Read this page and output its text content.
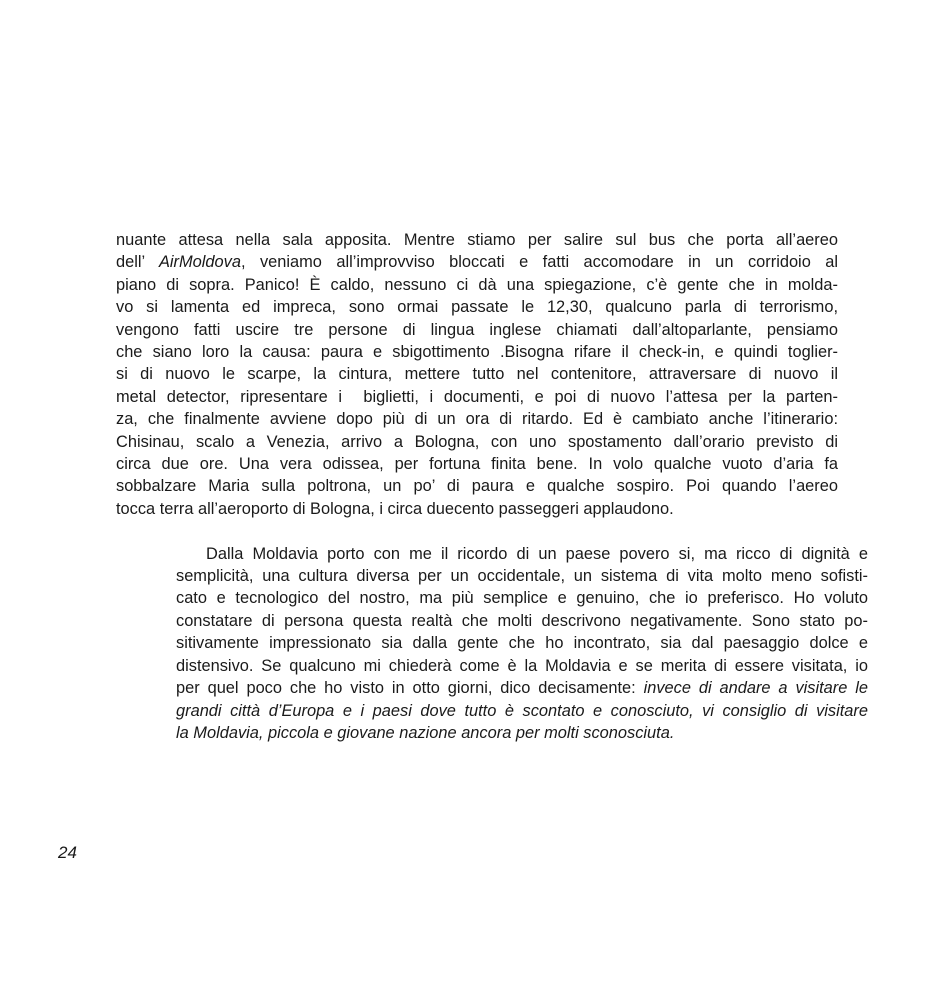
nuante attesa nella sala apposita. Mentre stiamo per salire sul bus che porta all’aereo
dell’ AirMoldova, veniamo all’improvviso bloccati e fatti accomodare in un corridoio al
piano di sopra. Panico! È caldo, nessuno ci dà una spiegazione, c’è gente che in molda-
vo si lamenta ed impreca, sono ormai passate le 12,30, qualcuno parla di terrorismo,
vengono fatti uscire tre persone di lingua inglese chiamati dall’altoparlante, pensiamo
che siano loro la causa: paura e sbigottimento .Bisogna rifare il check-in, e quindi toglier-
si di nuovo le scarpe, la cintura, mettere tutto nel contenitore, attraversare di nuovo il
metal detector, ripresentare i  biglietti, i documenti, e poi di nuovo l’attesa per la parten-
za, che finalmente avviene dopo più di un ora di ritardo. Ed è cambiato anche l’itinerario:
Chisinau, scalo a Venezia, arrivo a Bologna, con uno spostamento dall’orario previsto di
circa due ore. Una vera odissea, per fortuna finita bene. In volo qualche vuoto d’aria fa
sobbalzare Maria sulla poltrona, un po’ di paura e qualche sospiro. Poi quando l’aereo
tocca terra all’aeroporto di Bologna, i circa duecento passeggeri applaudono.
Dalla Moldavia porto con me il ricordo di un paese povero si, ma ricco di dignità e
semplicità, una cultura diversa per un occidentale, un sistema di vita molto meno sofisti-
cato e tecnologico del nostro, ma più semplice e genuino, che io preferisco. Ho voluto
constatare di persona questa realtà che molti descrivono negativamente. Sono stato po-
sitivamente impressionato sia dalla gente che ho incontrato, sia dal paesaggio dolce e
distensivo. Se qualcuno mi chiederà come è la Moldavia e se merita di essere visitata, io
per quel poco che ho visto in otto giorni, dico decisamente: invece di andare a visitare le
grandi città d’Europa e i paesi dove tutto è scontato e conosciuto, vi consiglio di visitare
la Moldavia, piccola e giovane nazione ancora per molti sconosciuta.
24
